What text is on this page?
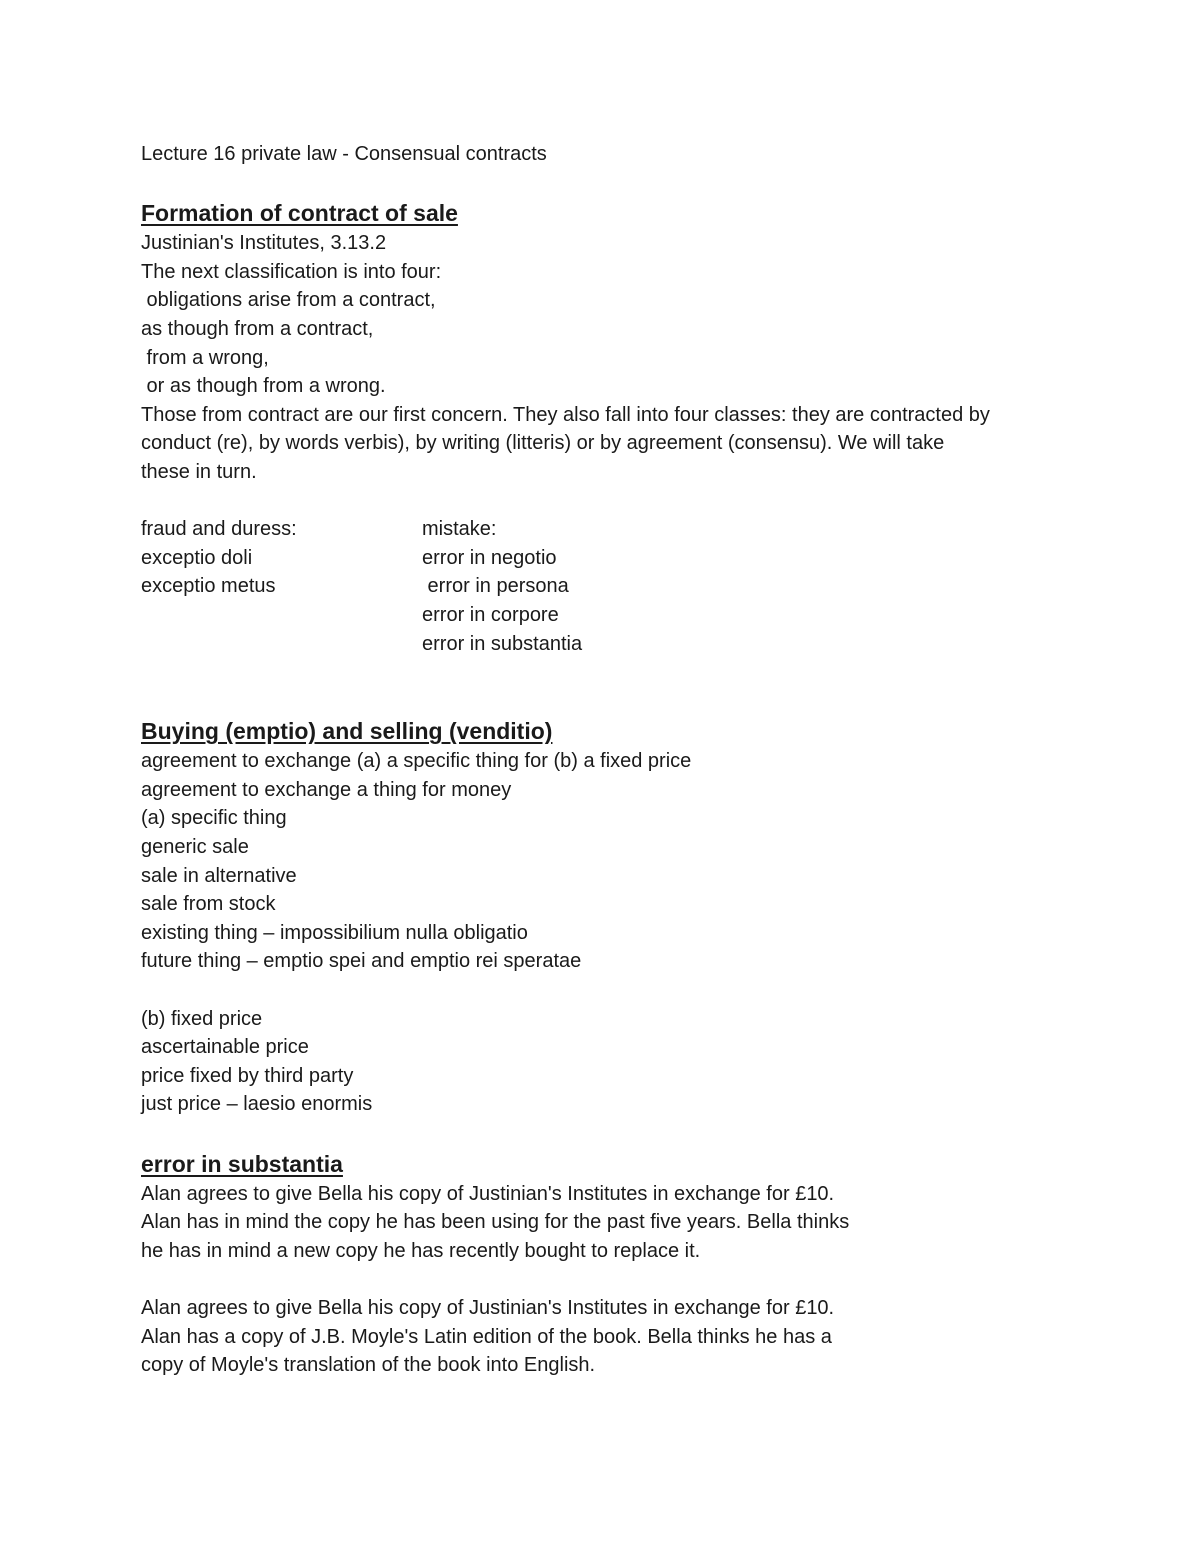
Lecture 16 private law - Consensual contracts
Formation of contract of sale
Justinian's Institutes, 3.13.2
The next classification is into four:
obligations arise from a contract,
as though from a contract,
from a wrong,
or as though from a wrong.
Those from contract are our first concern. They also fall into four classes: they are contracted by
conduct (re), by words verbis), by writing (litteris) or by agreement (consensu). We will take
these in turn.
fraud and duress:
exceptio doli
exceptio metus
mistake:
error in negotio
error in persona
error in corpore
error in substantia
Buying (emptio) and selling (venditio)
agreement to exchange (a) a specific thing for (b) a fixed price
agreement to exchange a thing for money
(a) specific thing
generic sale
sale in alternative
sale from stock
existing thing – impossibilium nulla obligatio
future thing – emptio spei and emptio rei speratae
(b) fixed price
ascertainable price
price fixed by third party
just price – laesio enormis
error in substantia
Alan agrees to give Bella his copy of Justinian's Institutes in exchange for £10.
Alan has in mind the copy he has been using for the past five years. Bella thinks
he has in mind a new copy he has recently bought to replace it.
Alan agrees to give Bella his copy of Justinian's Institutes in exchange for £10.
Alan has a copy of J.B. Moyle's Latin edition of the book. Bella thinks he has a
copy of Moyle's translation of the book into English.
